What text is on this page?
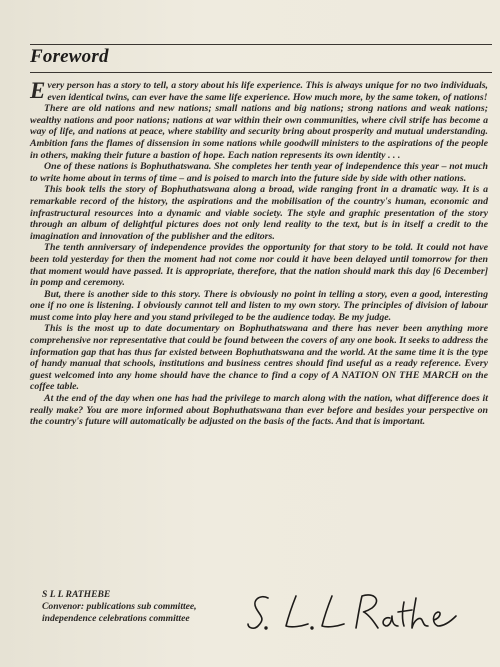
Foreword

Every person has a story to tell, a story about his life experience. This is always unique for no two individuals, even identical twins, can ever have the same life experience. How much more, by the same token, of nations!

There are old nations and new nations; small nations and big nations; strong nations and weak nations; wealthy nations and poor nations; nations at war within their own communities, where civil strife has become a way of life, and nations at peace, where stability and security bring about prosperity and mutual understanding. Ambition fans the flames of dissension in some nations while goodwill ministers to the aspirations of the people in others, making their future a bastion of hope. Each nation represents its own identity . . .

One of these nations is Bophuthatswana. She completes her tenth year of independence this year – not much to write home about in terms of time – and is poised to march into the future side by side with other nations.

This book tells the story of Bophuthatswana along a broad, wide ranging front in a dramatic way. It is a remarkable record of the history, the aspirations and the mobilisation of the country's human, economic and infrastructural resources into a dynamic and viable society. The style and graphic presentation of the story through an album of delightful pictures does not only lend reality to the text, but is in itself a credit to the imagination and innovation of the publisher and the editors.

The tenth anniversary of independence provides the opportunity for that story to be told. It could not have been told yesterday for then the moment had not come nor could it have been delayed until tomorrow for then that moment would have passed. It is appropriate, therefore, that the nation should mark this day [6 December] in pomp and ceremony.

But, there is another side to this story. There is obviously no point in telling a story, even a good, interesting one if no one is listening. I obviously cannot tell and listen to my own story. The principles of division of labour must come into play here and you stand privileged to be the audience today. Be my judge.

This is the most up to date documentary on Bophuthatswana and there has never been anything more comprehensive nor representative that could be found between the covers of any one book. It seeks to address the information gap that has thus far existed between Bophuthatswana and the world. At the same time it is the type of handy manual that schools, institutions and business centres should find useful as a ready reference. Every guest welcomed into any home should have the chance to find a copy of A NATION ON THE MARCH on the coffee table.

At the end of the day when one has had the privilege to march along with the nation, what difference does it really make? You are more informed about Bophuthatswana than ever before and besides your perspective on the country's future will automatically be adjusted on the basis of the facts. And that is important.

S L L RATHEBE
Convenor: publications sub committee,
independence celebrations committee
